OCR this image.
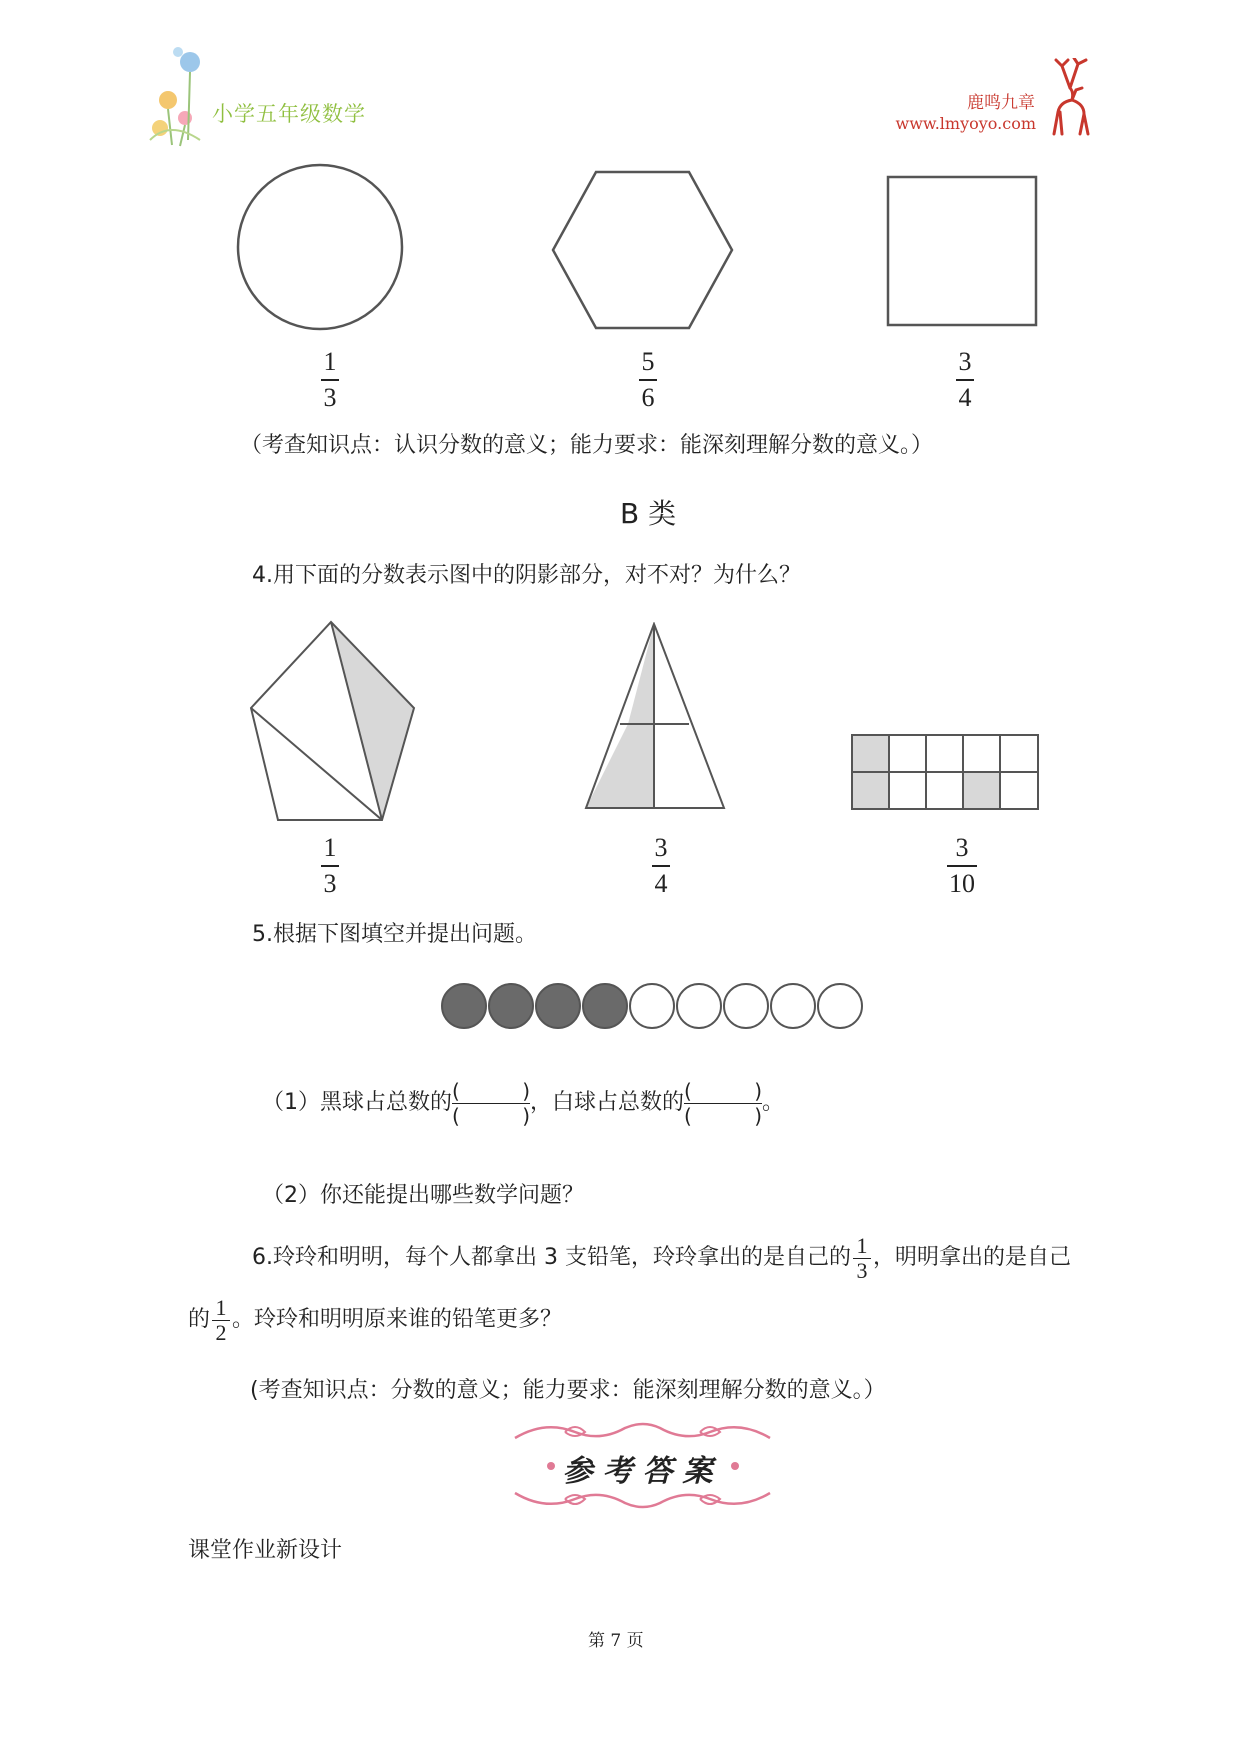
小学五年级数学	鹿鸣九章
www.lmyoyo.com
1
3
5
6
3
4
（考查知识点：认识分数的意义；能力要求：能深刻理解分数的意义。）
B 类
4.用下面的分数表示图中的阴影部分，对不对？为什么？
1
3
3
4
3
10
5.根据下图填空并提出问题。
（1）黑球占总数的 (	)
(	)
，白球占总数的 (	)
(	)
。
（2）你还能提出哪些数学问题？
6.玲玲和明明，每个人都拿出 3 支铅笔，玲玲拿出的是自己的 $\frac{1}{3}$ ，明明拿出的是自己
的 $\frac{1}{2}$ 。玲玲和明明原来谁的铅笔更多？
(考查知识点：分数的意义；能力要求：能深刻理解分数的意义。）
参考答案
课堂作业新设计
第 7 页
